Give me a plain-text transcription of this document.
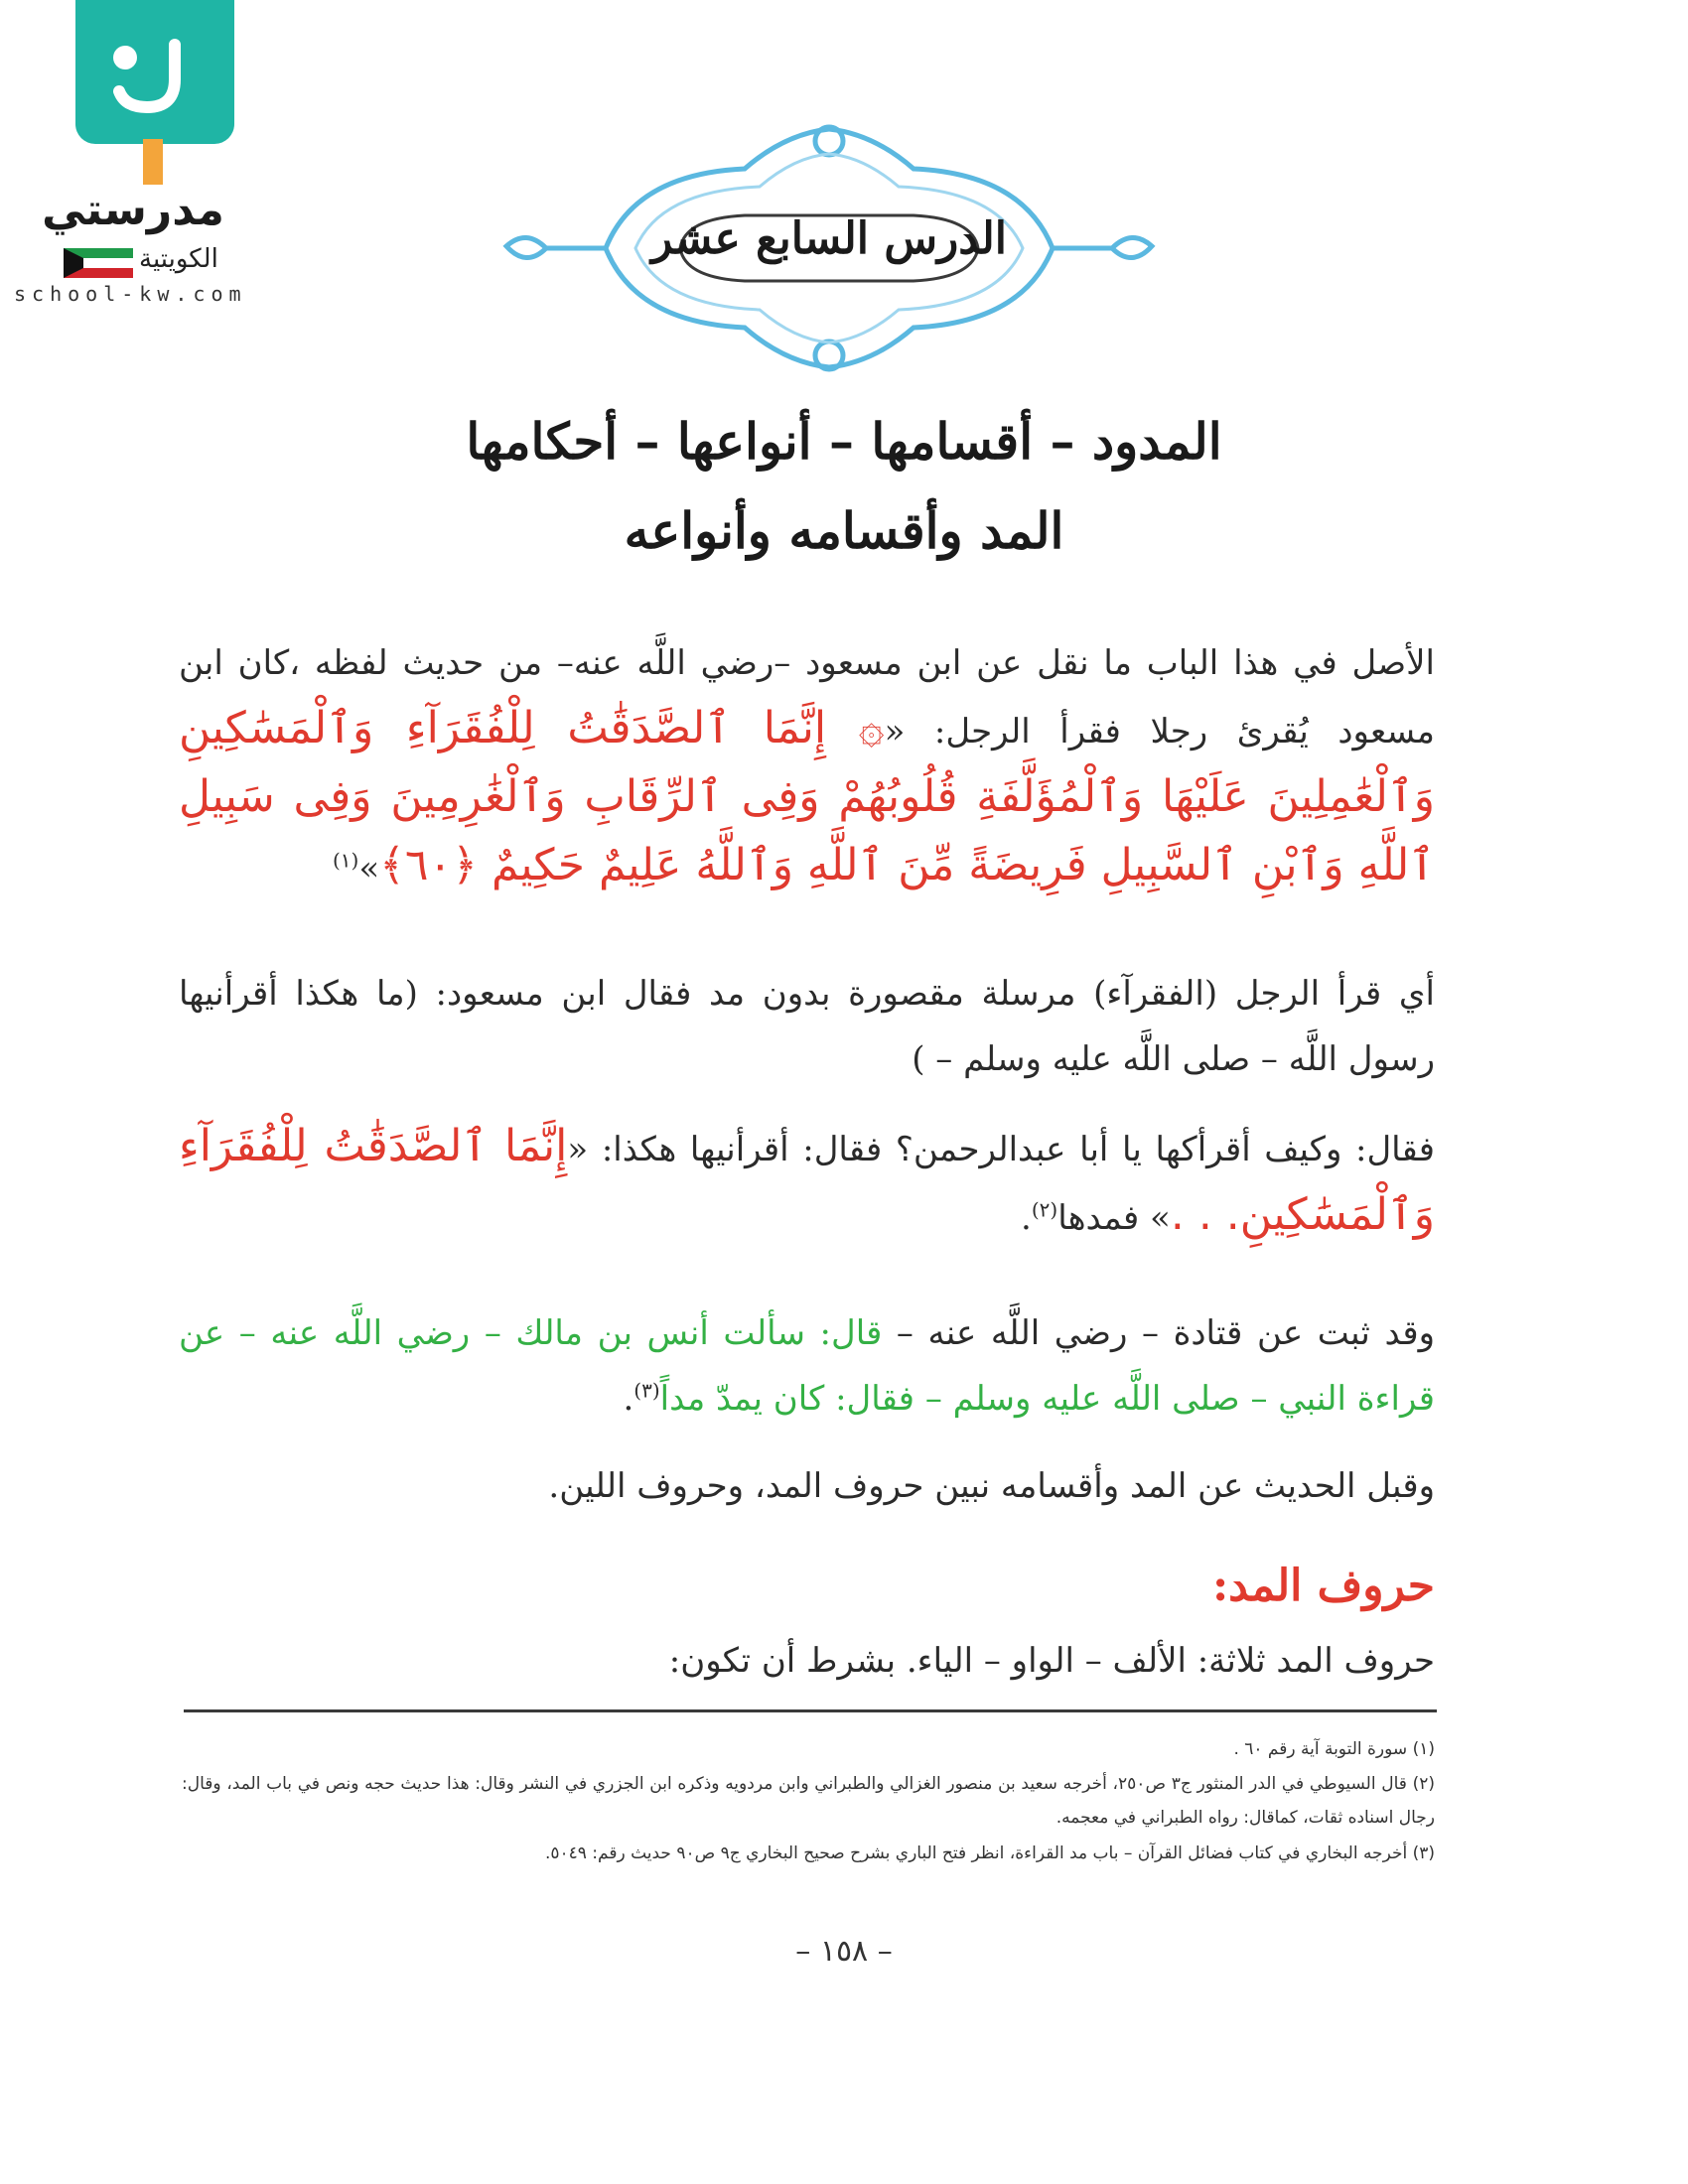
مدرستي
الكويتية
school-kw.com
الدرس السابع عشر
المدود – أقسامها – أنواعها – أحكامها
المد وأقسامه وأنواعه
الأصل في هذا الباب ما نقل عن ابن مسعود –رضي اللَّه عنه– من حديث لفظه ،كان ابن مسعود يُقرئ رجلا فقرأ الرجل: «۞ إِنَّمَا ٱلصَّدَقَٰتُ لِلْفُقَرَآءِ وَٱلْمَسَٰكِينِ وَٱلْعَٰمِلِينَ عَلَيْهَا وَٱلْمُؤَلَّفَةِ قُلُوبُهُمْ وَفِى ٱلرِّقَابِ وَٱلْغَٰرِمِينَ وَفِى سَبِيلِ ٱللَّهِ وَٱبْنِ ٱلسَّبِيلِ فَرِيضَةً مِّنَ ٱللَّهِ وَٱللَّهُ عَلِيمٌ حَكِيمٌ ﴿٦٠﴾»$^{(١)}$
أي قرأ الرجل (الفقرآء) مرسلة مقصورة بدون مد فقال ابن مسعود: (ما هكذا أقرأنيها رسول اللَّه – صلى اللَّه عليه وسلم – )
فقال: وكيف أقرأكها يا أبا عبدالرحمن؟ فقال: أقرأنيها هكذا: «إِنَّمَا ٱلصَّدَقَٰتُ لِلْفُقَرَآءِ وَٱلْمَسَٰكِينِ. . .» فمدها$^{(٢)}$.
وقد ثبت عن قتادة – رضي اللَّه عنه – قال: سألت أنس بن مالك – رضي اللَّه عنه – عن قراءة النبي – صلى اللَّه عليه وسلم – فقال: كان يمدّ مداً$^{(٣)}$.
وقبل الحديث عن المد وأقسامه نبين حروف المد، وحروف اللين.
حروف المد:
حروف المد ثلاثة: الألف – الواو – الياء. بشرط أن تكون:
(١) سورة التوبة آية رقم ٦٠ .
(٢) قال السيوطي في الدر المنثور ج٣ ص٢٥٠، أخرجه سعيد بن منصور الغزالي والطبراني وابن مردويه وذكره ابن الجزري في النشر وقال: هذا حديث حجه ونص في باب المد، وقال: رجال اسناده ثقات، كماقال: رواه الطبراني في معجمه.
(٣) أخرجه البخاري في كتاب فضائل القرآن – باب مد القراءة، انظر فتح الباري بشرح صحيح البخاري ج٩ ص٩٠ حديث رقم: ٥٠٤٩.
– ١٥٨ –
